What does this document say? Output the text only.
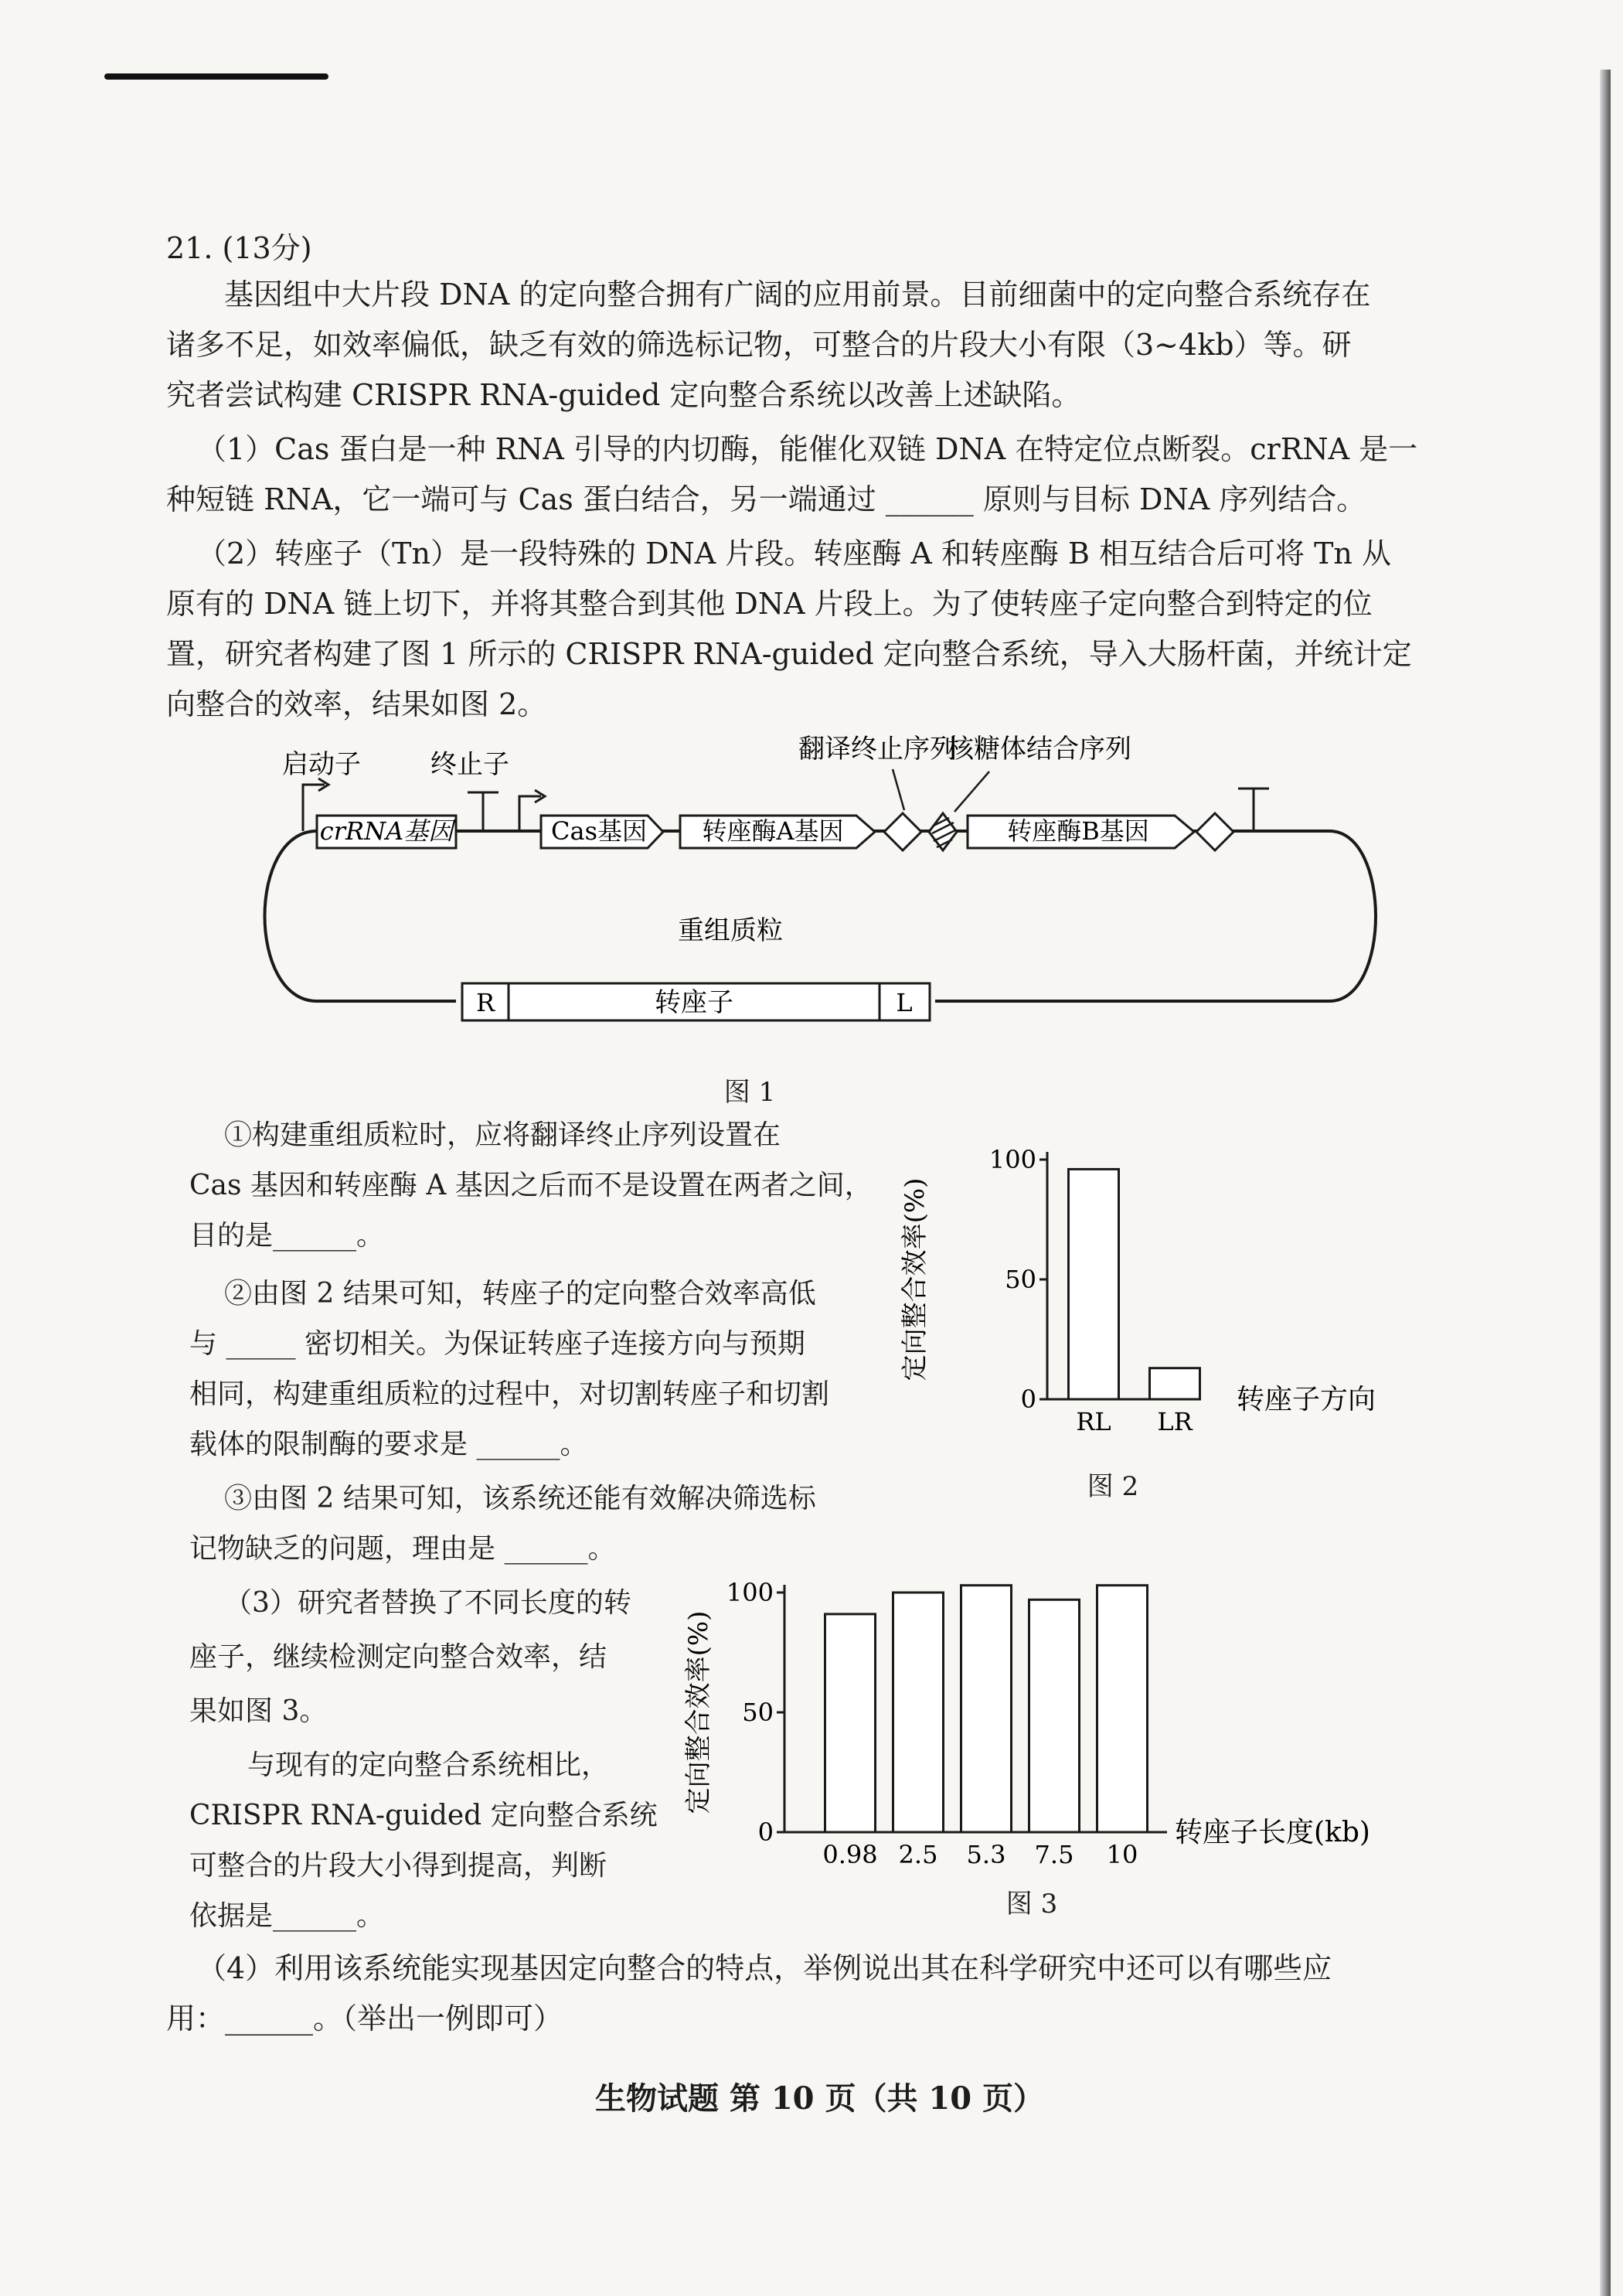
21. (13分)
基因组中大片段 DNA 的定向整合拥有广阔的应用前景。目前细菌中的定向整合系统存在
诸多不足，如效率偏低，缺乏有效的筛选标记物，可整合的片段大小有限（3~4kb）等。研
究者尝试构建 CRISPR RNA-guided 定向整合系统以改善上述缺陷。
（1）Cas 蛋白是一种 RNA 引导的内切酶，能催化双链 DNA 在特定位点断裂。crRNA 是一
种短链 RNA，它一端可与 Cas 蛋白结合，另一端通过 ______ 原则与目标 DNA 序列结合。
（2）转座子（Tn）是一段特殊的 DNA 片段。转座酶 A 和转座酶 B 相互结合后可将 Tn 从
原有的 DNA 链上切下，并将其整合到其他 DNA 片段上。为了使转座子定向整合到特定的位
置，研究者构建了图 1 所示的 CRISPR RNA-guided 定向整合系统，导入大肠杆菌，并统计定
向整合的效率，结果如图 2。
crRNA基因
启动子	终止子
Cas基因 转座酶A基因
翻译终止序列
核糖体结合序列
转座酶B基因
重组质粒
R	转座子	L
图 1
①构建重组质粒时，应将翻译终止序列设置在
Cas 基因和转座酶 A 基因之后而不是设置在两者之间，
目的是______。
②由图 2 结果可知，转座子的定向整合效率高低
与 _____ 密切相关。为保证转座子连接方向与预期
相同，构建重组质粒的过程中，对切割转座子和切割
载体的限制酶的要求是 ______。
③由图 2 结果可知，该系统还能有效解决筛选标
记物缺乏的问题，理由是 ______。
0
50
100
RL LR
转座子方向
定向整合效率(%)
图 2
（3）研究者替换了不同长度的转
座子，继续检测定向整合效率，结
果如图 3。
与现有的定向整合系统相比，
CRISPR RNA-guided 定向整合系统
可整合的片段大小得到提高，判断
依据是______。
0
50
100
0.98 2.5 5.3 7.5 10
转座子长度(kb)
定向整合效率(%)
图 3
（4）利用该系统能实现基因定向整合的特点，举例说出其在科学研究中还可以有哪些应
用：______。（举出一例即可）
生物试题 第 10 页（共 10 页）
